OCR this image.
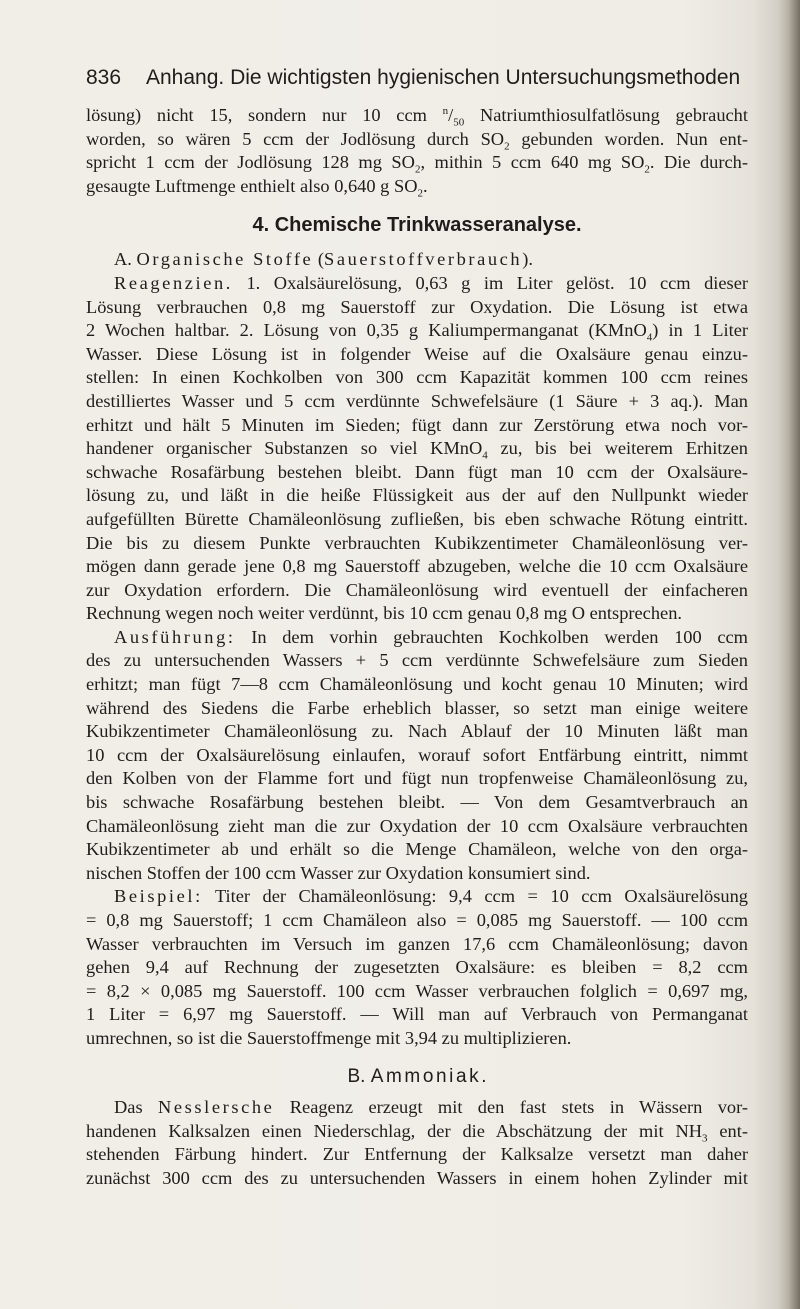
836 Anhang. Die wichtigsten hygienischen Untersuchungsmethoden

lösung) nicht 15, sondern nur 10 ccm $^n/_{50}$ Natriumthiosulfatlösung gebraucht
worden, so wären 5 ccm der Jodlösung durch $SO_2$ gebunden worden. Nun ent-
spricht 1 ccm der Jodlösung 128 mg $SO_2$, mithin 5 ccm 640 mg $SO_2$. Die durch-
gesaugte Luftmenge enthielt also 0,640 g $SO_2$.

4. Chemische Trinkwasseranalyse.

A. Organische Stoffe (Sauerstoffverbrauch).

Reagenzien. 1. Oxalsäurelösung, 0,63 g im Liter gelöst. 10 ccm dieser
Lösung verbrauchen 0,8 mg Sauerstoff zur Oxydation. Die Lösung ist etwa
2 Wochen haltbar. 2. Lösung von 0,35 g Kaliumpermanganat (KMnO$_4$) in 1 Liter
Wasser. Diese Lösung ist in folgender Weise auf die Oxalsäure genau einzu-
stellen: In einen Kochkolben von 300 ccm Kapazität kommen 100 ccm reines
destilliertes Wasser und 5 ccm verdünnte Schwefelsäure (1 Säure + 3 aq.). Man
erhitzt und hält 5 Minuten im Sieden; fügt dann zur Zerstörung etwa noch vor-
handener organischer Substanzen so viel KMnO$_4$ zu, bis bei weiterem Erhitzen
schwache Rosafärbung bestehen bleibt. Dann fügt man 10 ccm der Oxalsäure-
lösung zu, und läßt in die heiße Flüssigkeit aus der auf den Nullpunkt wieder
aufgefüllten Bürette Chamäleonlösung zufließen, bis eben schwache Rötung eintritt.
Die bis zu diesem Punkte verbrauchten Kubikzentimeter Chamäleonlösung ver-
mögen dann gerade jene 0,8 mg Sauerstoff abzugeben, welche die 10 ccm Oxalsäure
zur Oxydation erfordern. Die Chamäleonlösung wird eventuell der einfacheren
Rechnung wegen noch weiter verdünnt, bis 10 ccm genau 0,8 mg O entsprechen.

Ausführung: In dem vorhin gebrauchten Kochkolben werden 100 ccm
des zu untersuchenden Wassers + 5 ccm verdünnte Schwefelsäure zum Sieden
erhitzt; man fügt 7—8 ccm Chamäleonlösung und kocht genau 10 Minuten; wird
während des Siedens die Farbe erheblich blasser, so setzt man einige weitere
Kubikzentimeter Chamäleonlösung zu. Nach Ablauf der 10 Minuten läßt man
10 ccm der Oxalsäurelösung einlaufen, worauf sofort Entfärbung eintritt, nimmt
den Kolben von der Flamme fort und fügt nun tropfenweise Chamäleonlösung zu,
bis schwache Rosafärbung bestehen bleibt. — Von dem Gesamtverbrauch an
Chamäleonlösung zieht man die zur Oxydation der 10 ccm Oxalsäure verbrauchten
Kubikzentimeter ab und erhält so die Menge Chamäleon, welche von den orga-
nischen Stoffen der 100 ccm Wasser zur Oxydation konsumiert sind.

Beispiel: Titer der Chamäleonlösung: 9,4 ccm = 10 ccm Oxalsäurelösung
= 0,8 mg Sauerstoff; 1 ccm Chamäleon also = 0,085 mg Sauerstoff. — 100 ccm
Wasser verbrauchten im Versuch im ganzen 17,6 ccm Chamäleonlösung; davon
gehen 9,4 auf Rechnung der zugesetzten Oxalsäure: es bleiben = 8,2 ccm
= 8,2 × 0,085 mg Sauerstoff. 100 ccm Wasser verbrauchen folglich = 0,697 mg,
1 Liter = 6,97 mg Sauerstoff. — Will man auf Verbrauch von Permanganat
umrechnen, so ist die Sauerstoffmenge mit 3,94 zu multiplizieren.

B. Ammoniak.

Das Nesslersche Reagenz erzeugt mit den fast stets in Wässern vor-
handenen Kalksalzen einen Niederschlag, der die Abschätzung der mit $NH_3$ ent-
stehenden Färbung hindert. Zur Entfernung der Kalksalze versetzt man daher
zunächst 300 ccm des zu untersuchenden Wassers in einem hohen Zylinder mit
